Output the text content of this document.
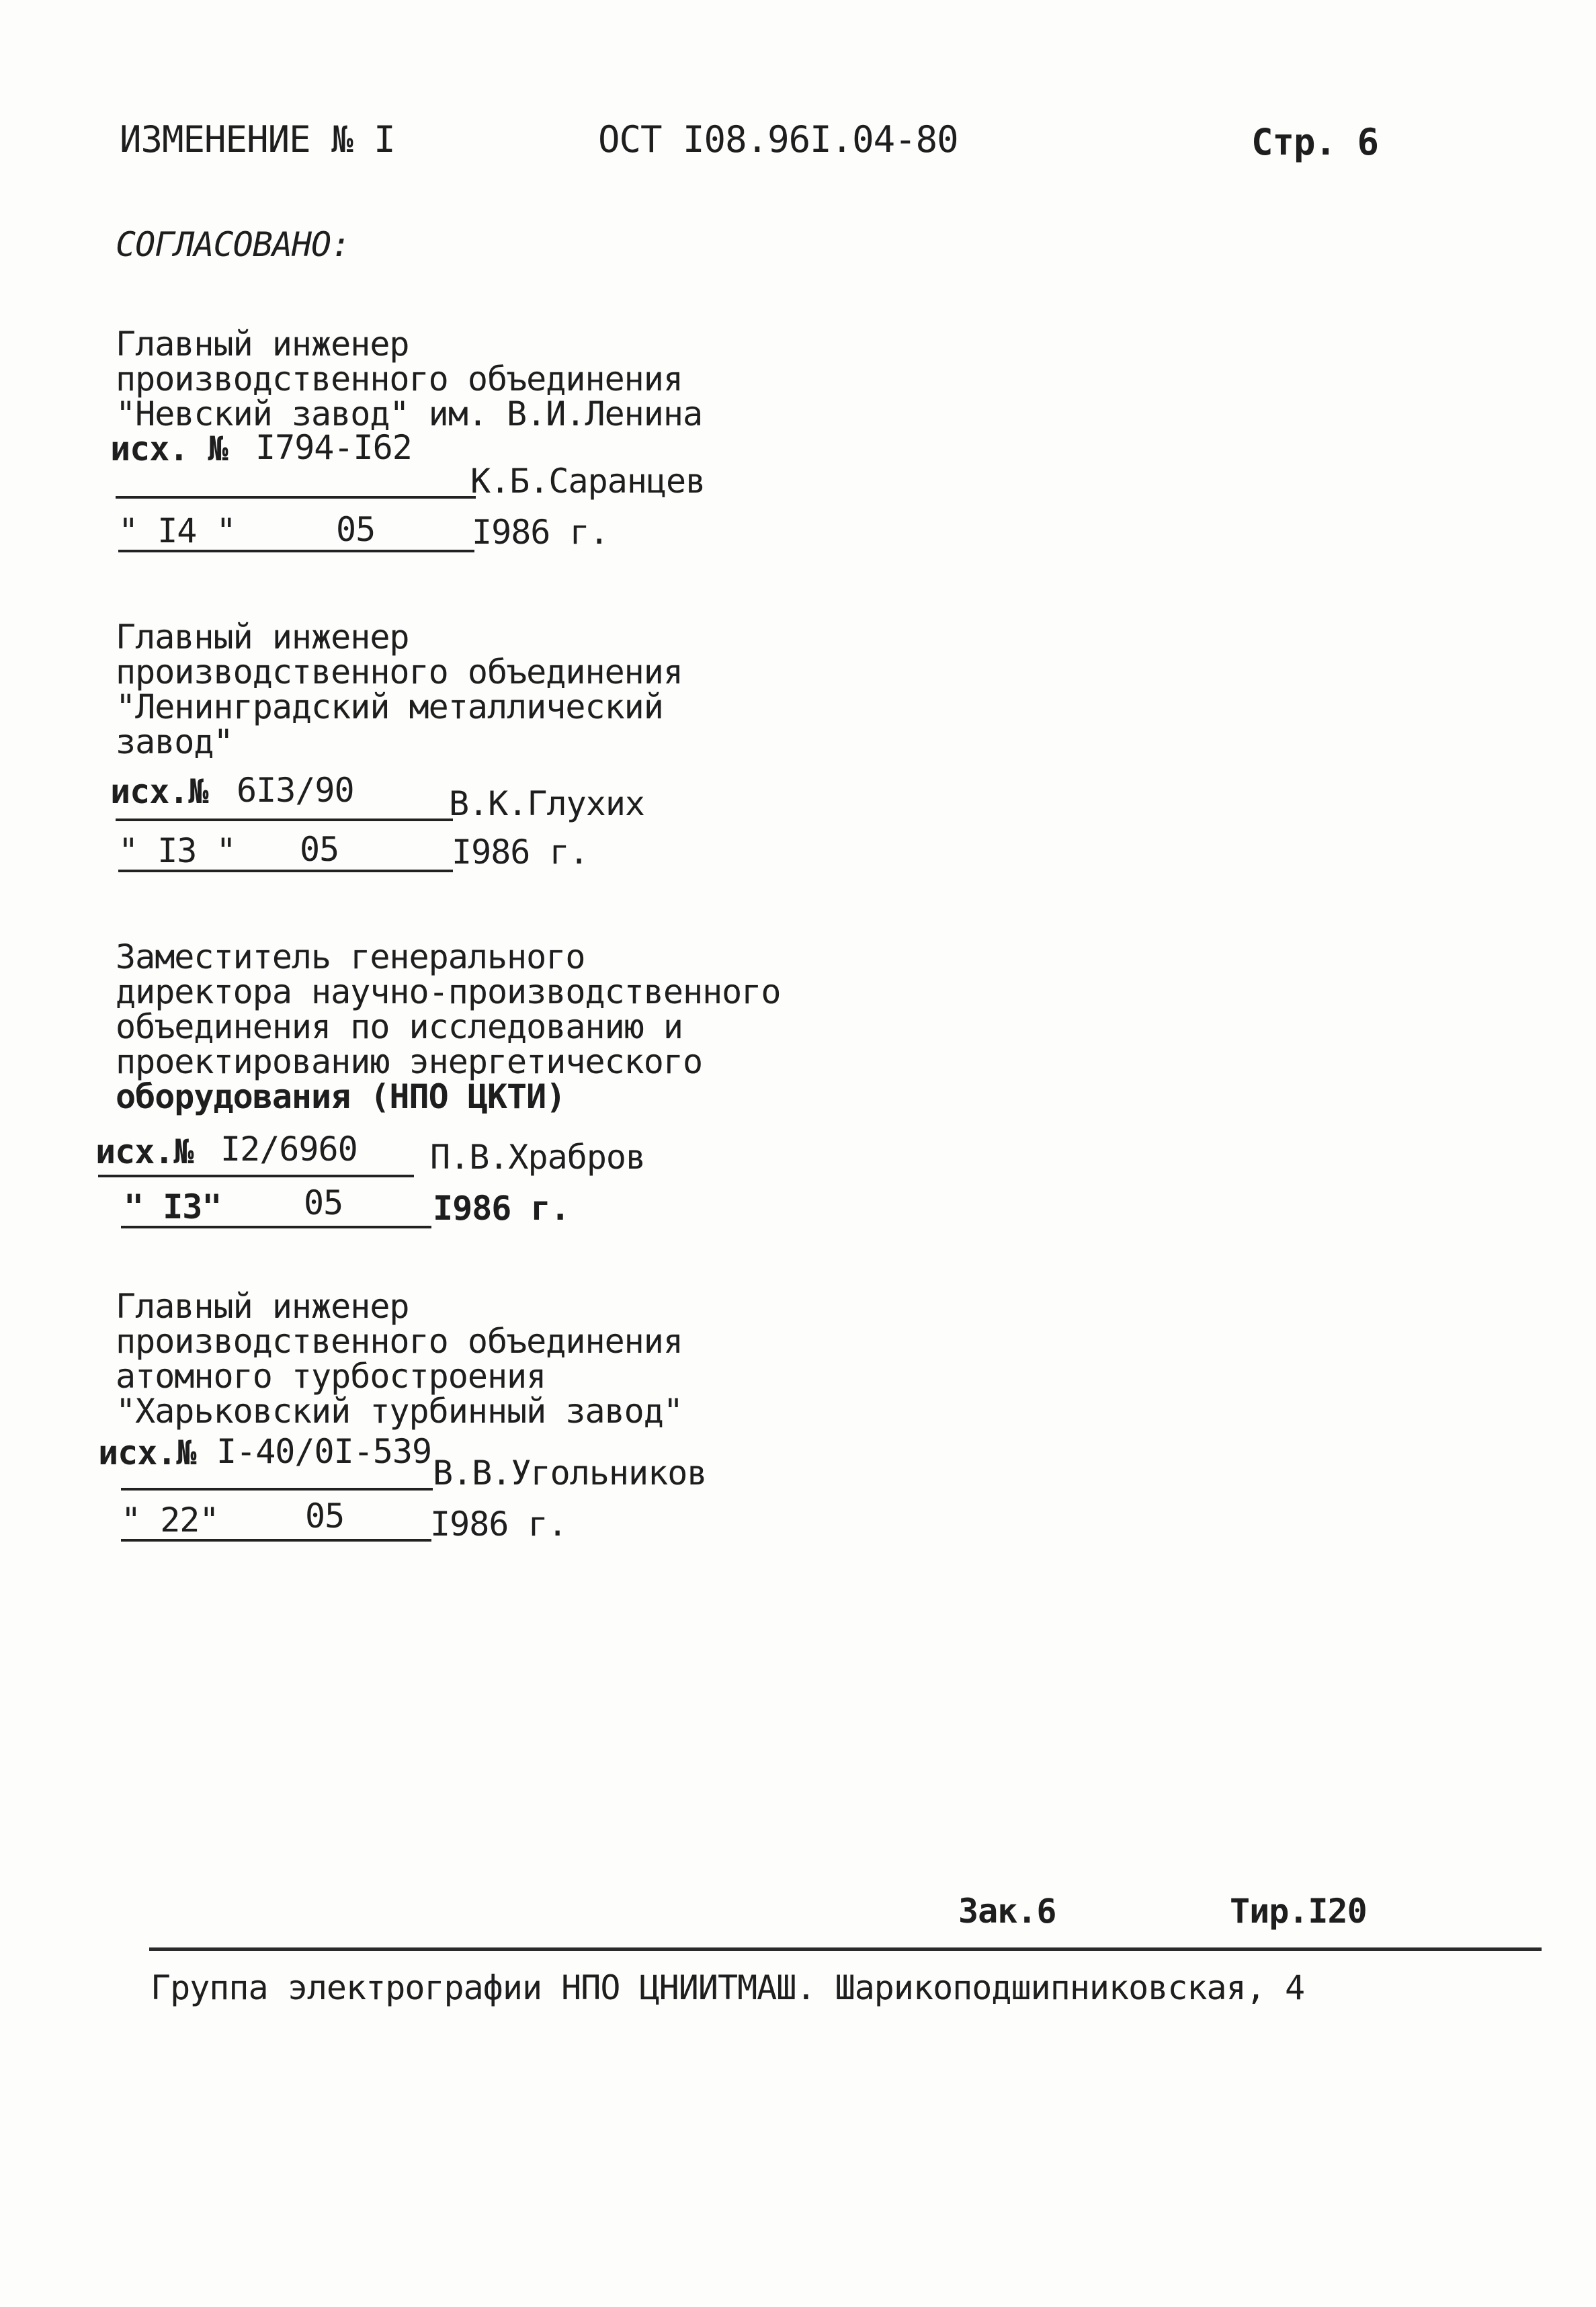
ИЗМЕНЕНИЕ № I	ОСТ I08.96I.04-80	Стр. 6
СОГЛАСОВАНО:
Главный инженер
производственного объединения
"Невский завод" им. В.И.Ленина
исх. № I794-I62
К.Б.Саранцев
" I4 "	05	I986 г.
Главный инженер
производственного объединения
"Ленинградский металлический
завод"
исх.№ 6I3/90	В.К.Глухих
" I3 " 05	I986 г.
Заместитель генерального
директора научно-производственного
объединения по исследованию и
проектированию энергетического
оборудования (НПО ЦКТИ)
исх.№ I2/6960 П.В.Храбров
" I3" 05	I986 г.
Главный инженер
производственного объединения
атомного турбостроения
"Харьковский турбинный завод"
исх.№ I-40/0I-539
В.В.Угольников
" 22"	05	I986 г.
Зак.6	Тир.I20
Группа электрографии НПО ЦНИИТМАШ. Шарикоподшипниковская, 4
